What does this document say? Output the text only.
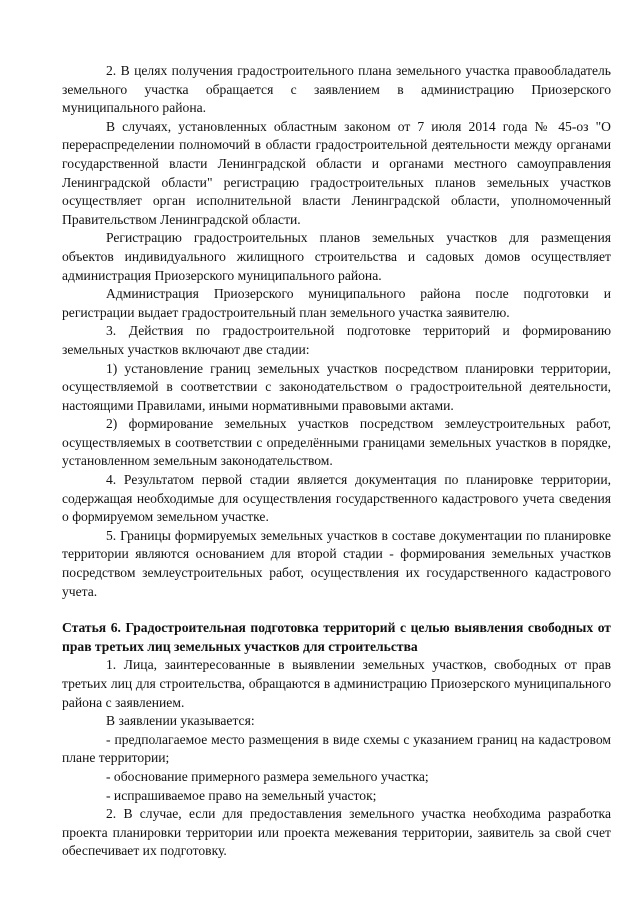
2. В целях получения градостроительного плана земельного участка правообладатель земельного участка обращается с заявлением в администрацию Приозерского муниципального района.

В случаях, установленных областным законом от 7 июля 2014 года № 45-оз "О перераспределении полномочий в области градостроительной деятельности между органами государственной власти Ленинградской области и органами местного самоуправления Ленинградской области" регистрацию градостроительных планов земельных участков осуществляет орган исполнительной власти Ленинградской области, уполномоченный Правительством Ленинградской области.

Регистрацию градостроительных планов земельных участков для размещения объектов индивидуального жилищного строительства и садовых домов осуществляет администрация Приозерского муниципального района.

Администрация Приозерского муниципального района после подготовки и регистрации выдает градостроительный план земельного участка заявителю.

3. Действия по градостроительной подготовке территорий и формированию земельных участков включают две стадии:

1) установление границ земельных участков посредством планировки территории, осуществляемой в соответствии с законодательством о градостроительной деятельности, настоящими Правилами, иными нормативными правовыми актами.

2) формирование земельных участков посредством землеустроительных работ, осуществляемых в соответствии с определёнными границами земельных участков в порядке, установленном земельным законодательством.

4. Результатом первой стадии является документация по планировке территории, содержащая необходимые для осуществления государственного кадастрового учета сведения о формируемом земельном участке.

5. Границы формируемых земельных участков в составе документации по планировке территории являются основанием для второй стадии - формирования земельных участков посредством землеустроительных работ, осуществления их государственного кадастрового учета.

Статья 6. Градостроительная подготовка территорий с целью выявления свободных от прав третьих лиц земельных участков для строительства

1. Лица, заинтересованные в выявлении земельных участков, свободных от прав третьих лиц для строительства, обращаются в администрацию Приозерского муниципального района с заявлением.

В заявлении указывается:

- предполагаемое место размещения в виде схемы с указанием границ на кадастровом плане территории;

- обоснование примерного размера земельного участка;

- испрашиваемое право на земельный участок;

2. В случае, если для предоставления земельного участка необходима разработка проекта планировки территории или проекта межевания территории, заявитель за свой счет обеспечивает их подготовку.
